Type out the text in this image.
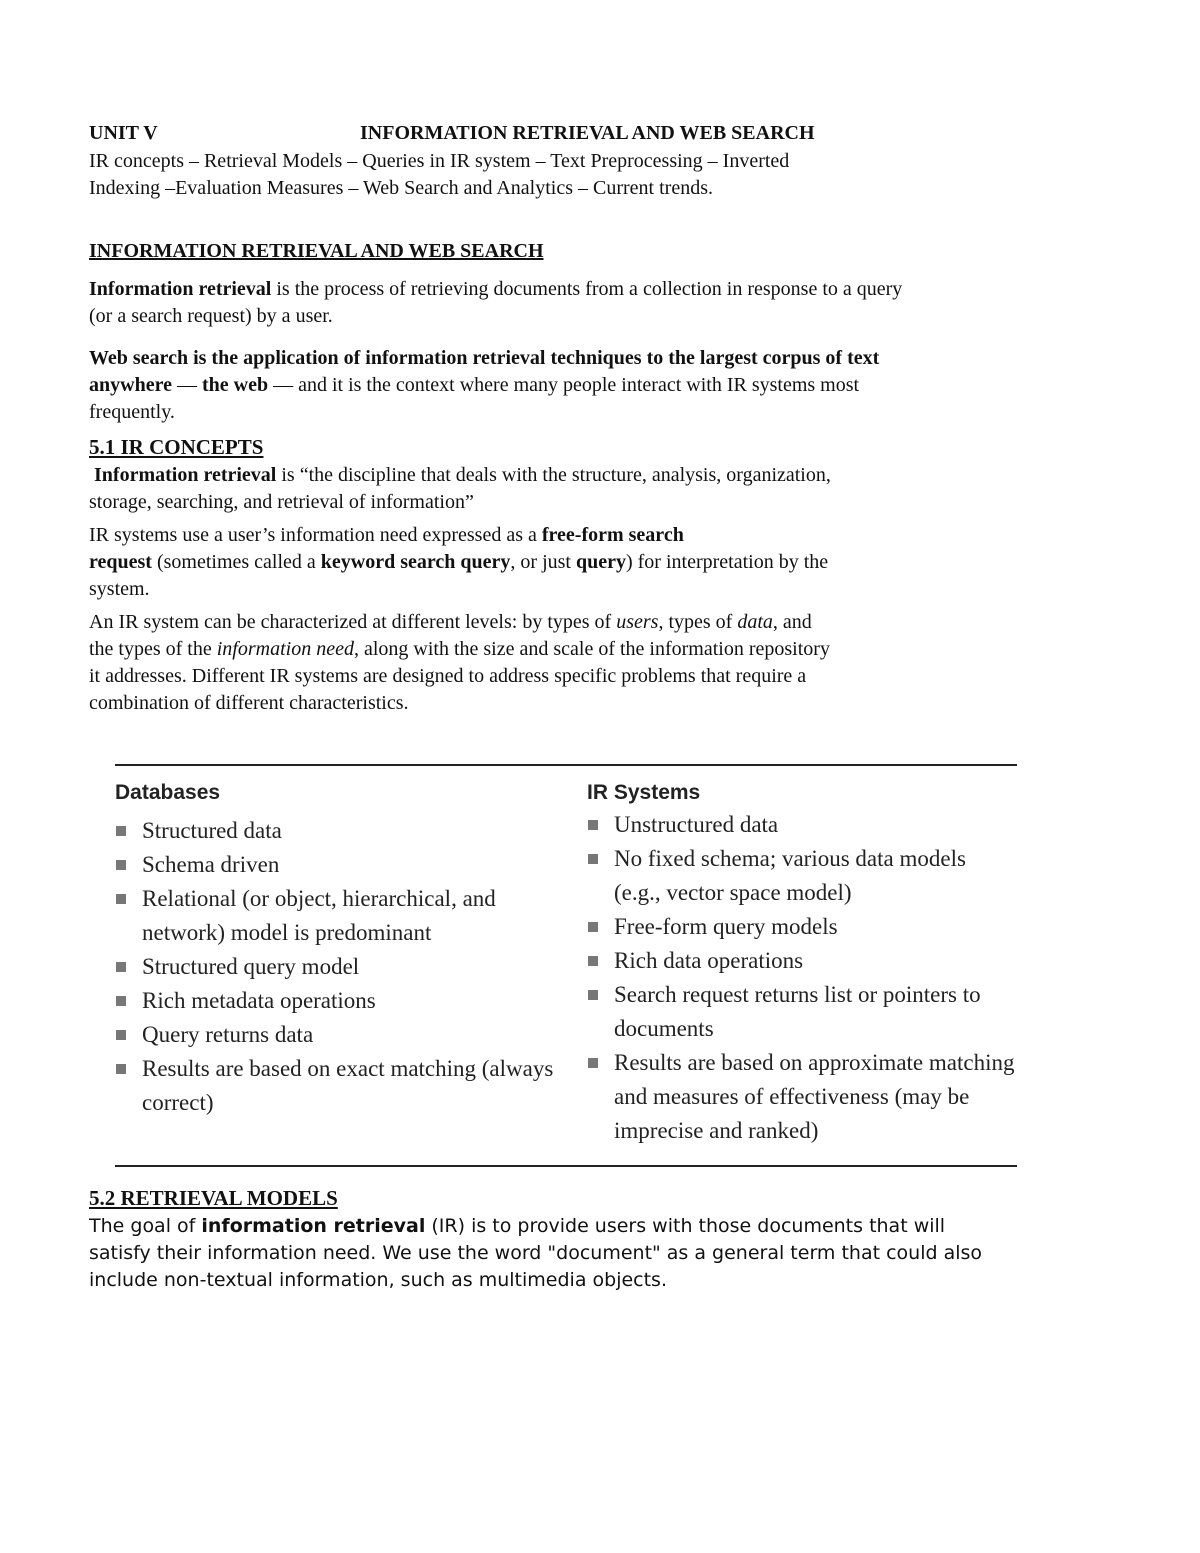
UNIT V	INFORMATION RETRIEVAL AND WEB SEARCH
IR concepts – Retrieval Models – Queries in IR system – Text Preprocessing – Inverted
Indexing –Evaluation Measures – Web Search and Analytics – Current trends.
INFORMATION RETRIEVAL AND WEB SEARCH
Information retrieval is the process of retrieving documents from a collection in response to a query
(or a search request) by a user.
Web search is the application of information retrieval techniques to the largest corpus of text
anywhere — the web — and it is the context where many people interact with IR systems most
frequently.
5.1 IR CONCEPTS
Information retrieval is “the discipline that deals with the structure, analysis, organization,
storage, searching, and retrieval of information”
IR systems use a user’s information need expressed as a free-form search
request (sometimes called a keyword search query, or just query) for interpretation by the
system.
An IR system can be characterized at different levels: by types of users, types of data, and
the types of the information need, along with the size and scale of the information repository
it addresses. Different IR systems are designed to address specific problems that require a
combination of different characteristics.
Databases
Structured data
Schema driven
Relational (or object, hierarchical, and
network) model is predominant
Structured query model
Rich metadata operations
Query returns data
Results are based on exact matching (always
correct)
IR Systems
Unstructured data
No fixed schema; various data models
(e.g., vector space model)
Free-form query models
Rich data operations
Search request returns list or pointers to
documents
Results are based on approximate matching
and measures of effectiveness (may be
imprecise and ranked)
5.2 RETRIEVAL MODELS
The goal of information retrieval (IR) is to provide users with those documents that will
satisfy their information need. We use the word "document" as a general term that could also
include non-textual information, such as multimedia objects.
